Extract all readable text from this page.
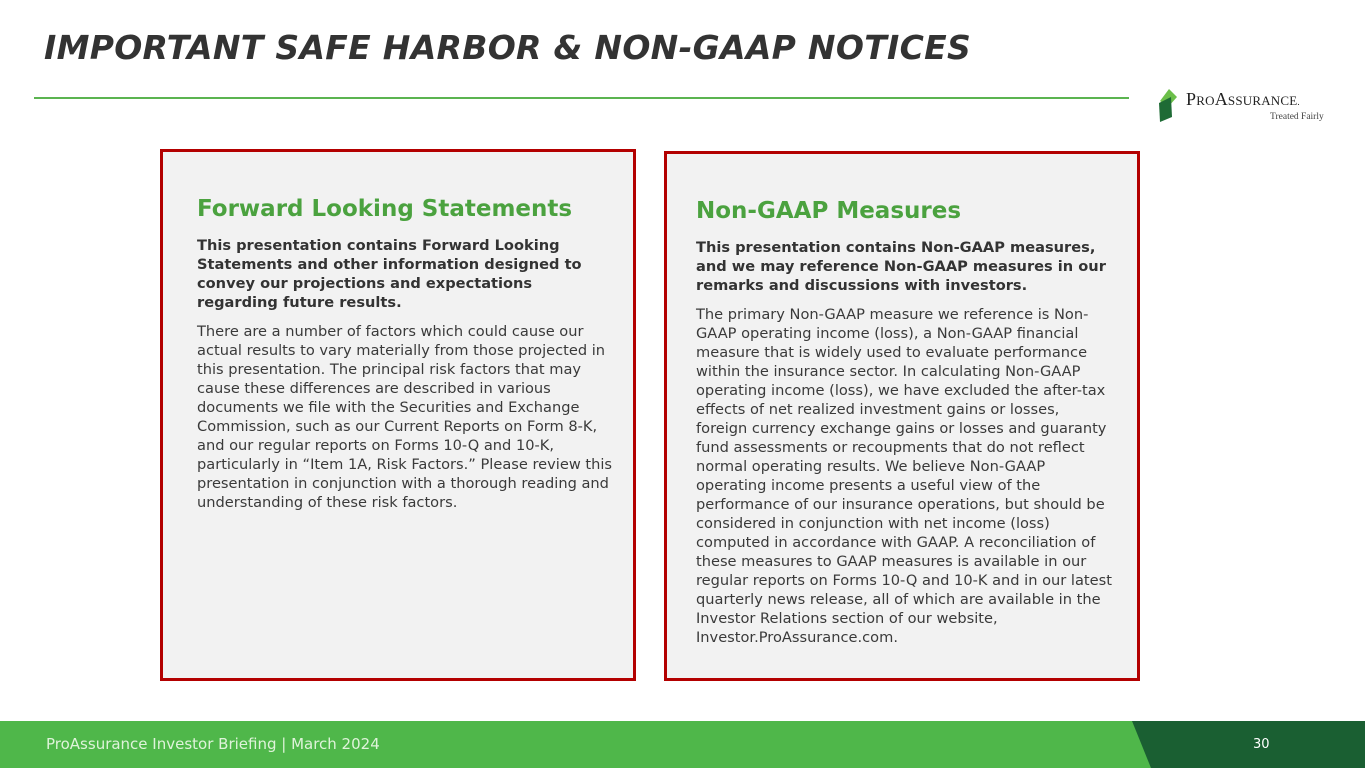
IMPORTANT SAFE HARBOR & NON-GAAP NOTICES
PROASSURANCE.
Treated Fairly
Forward Looking Statements

This presentation contains Forward Looking Statements and other information designed to convey our projections and expectations regarding future results.

There are a number of factors which could cause our actual results to vary materially from those projected in this presentation. The principal risk factors that may cause these differences are described in various documents we file with the Securities and Exchange Commission, such as our Current Reports on Form 8-K, and our regular reports on Forms 10-Q and 10-K, particularly in “Item 1A, Risk Factors.” Please review this presentation in conjunction with a thorough reading and understanding of these risk factors.

Non-GAAP Measures

This presentation contains Non-GAAP measures, and we may reference Non-GAAP measures in our remarks and discussions with investors.

The primary Non-GAAP measure we reference is Non-GAAP operating income (loss), a Non-GAAP financial measure that is widely used to evaluate performance within the insurance sector. In calculating Non-GAAP operating income (loss), we have excluded the after-tax effects of net realized investment gains or losses, foreign currency exchange gains or losses and guaranty fund assessments or recoupments that do not reflect normal operating results. We believe Non-GAAP operating income presents a useful view of the performance of our insurance operations, but should be considered in conjunction with net income (loss) computed in accordance with GAAP. A reconciliation of these measures to GAAP measures is available in our regular reports on Forms 10-Q and 10-K and in our latest quarterly news release, all of which are available in the Investor Relations section of our website, Investor.ProAssurance.com.

ProAssurance Investor Briefing | March 2024	30
